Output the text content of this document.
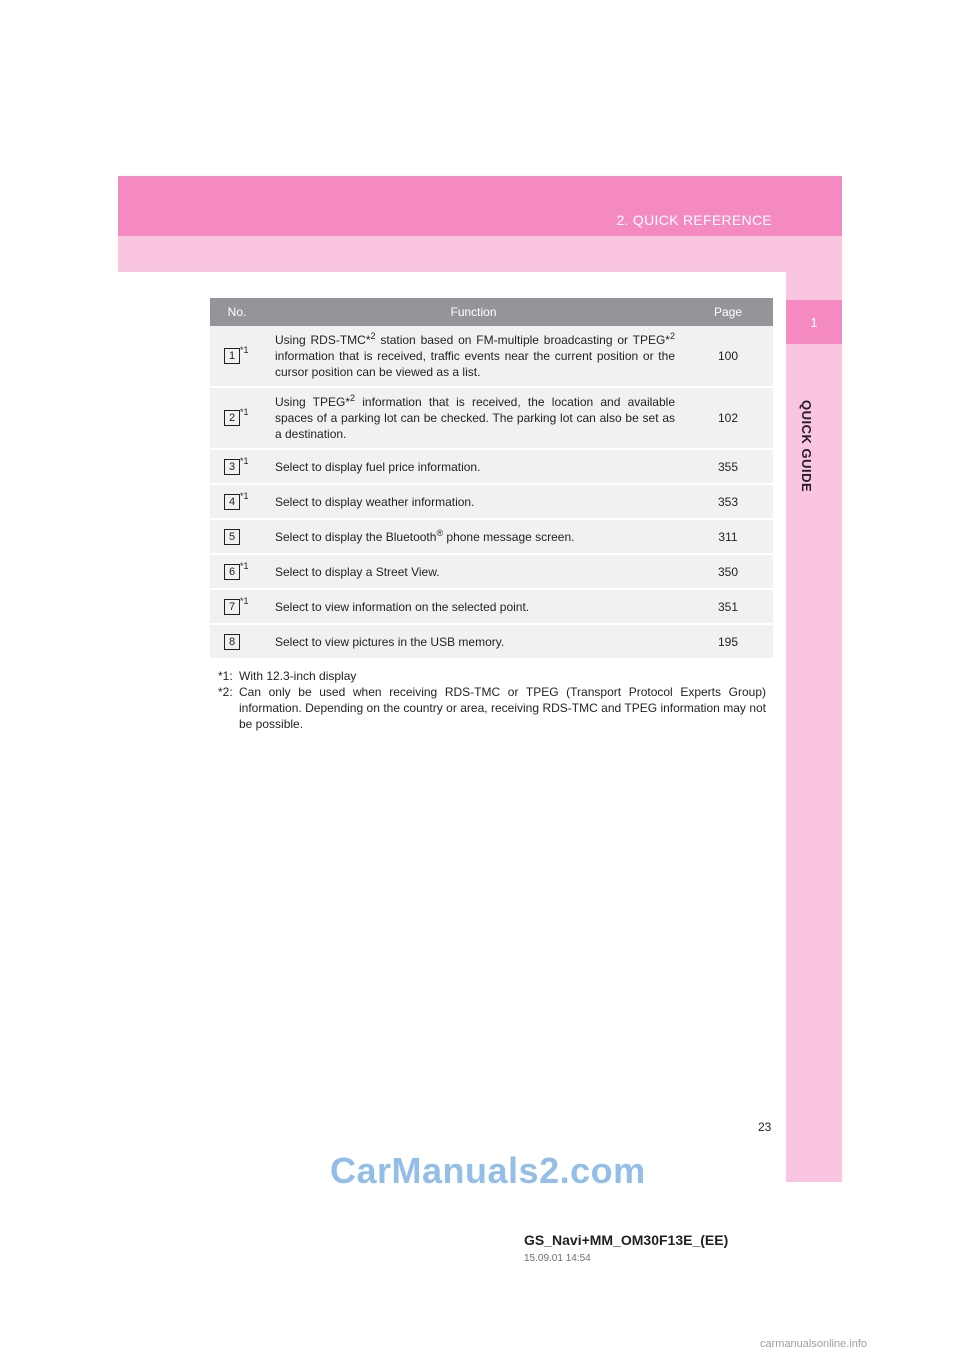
2. QUICK REFERENCE
1
QUICK GUIDE
No.	Function	Page

1 *1	Using RDS-TMC*$^2$ station based on FM-multiple broadcasting or TPEG*$^2$ information that is received, traffic events near the current position or the cursor position can be viewed as a list.	100

2 *1	Using TPEG*$^2$ information that is received, the location and available spaces of a parking lot can be checked. The parking lot can also be set as a destination.	102

3 *1	Select to display fuel price information.	355

4 *1	Select to display weather information.	353

5	Select to display the Bluetooth® phone message screen.	311

6 *1	Select to display a Street View.	350

7 *1	Select to view information on the selected point.	351

8	Select to view pictures in the USB memory.	195
*1: With 12.3-inch display
*2: Can only be used when receiving RDS-TMC or TPEG (Transport Protocol Experts Group) information. Depending on the country or area, receiving RDS-TMC and TPEG information may not be possible.
23
CarManuals2.com
GS_Navi+MM_OM30F13E_(EE)
15.09.01 14:54
carmanualsonline.info
